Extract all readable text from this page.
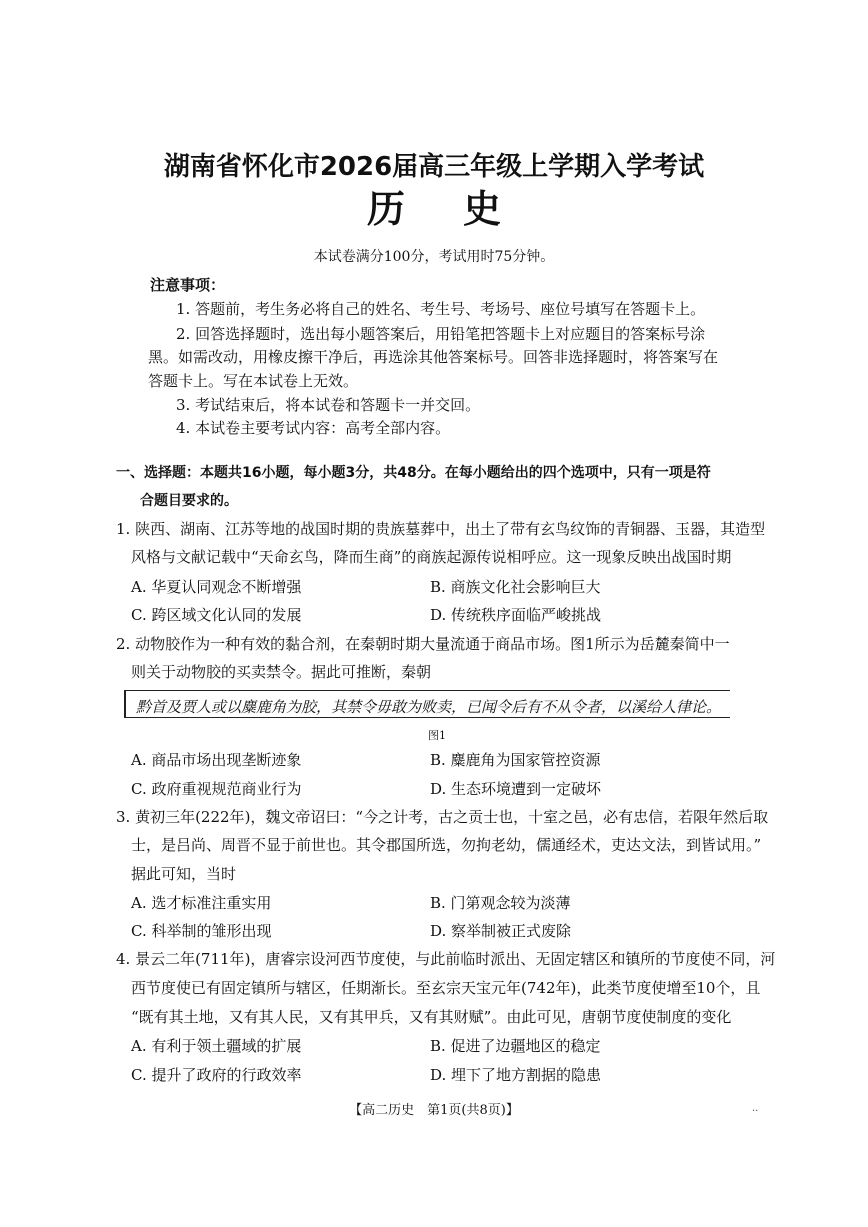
湖南省怀化市2026届高三年级上学期入学考试
历史
本试卷满分100分，考试用时75分钟。
注意事项：
1. 答题前，考生务必将自己的姓名、考生号、考场号、座位号填写在答题卡上。
2. 回答选择题时，选出每小题答案后，用铅笔把答题卡上对应题目的答案标号涂
黑。如需改动，用橡皮擦干净后，再选涂其他答案标号。回答非选择题时，将答案写在
答题卡上。写在本试卷上无效。
3. 考试结束后，将本试卷和答题卡一并交回。
4. 本试卷主要考试内容：高考全部内容。
一、选择题：本题共16小题，每小题3分，共48分。在每小题给出的四个选项中，只有一项是符
合题目要求的。
1. 陕西、湖南、江苏等地的战国时期的贵族墓葬中，出土了带有玄鸟纹饰的青铜器、玉器，其造型
风格与文献记载中“天命玄鸟，降而生商”的商族起源传说相呼应。这一现象反映出战国时期
A. 华夏认同观念不断增强	B. 商族文化社会影响巨大
C. 跨区域文化认同的发展	D. 传统秩序面临严峻挑战
2. 动物胶作为一种有效的黏合剂，在秦朝时期大量流通于商品市场。图1所示为岳麓秦简中一
则关于动物胶的买卖禁令。据此可推断，秦朝
黔首及贾人或以麋鹿角为胶，其禁令毋敢为败卖，已闻令后有不从令者，以溪给人律论。
图1
A. 商品市场出现垄断迹象	B. 麋鹿角为国家管控资源
C. 政府重视规范商业行为	D. 生态环境遭到一定破坏
3. 黄初三年(222年)，魏文帝诏曰：“今之计考，古之贡士也，十室之邑，必有忠信，若限年然后取
士，是吕尚、周晋不显于前世也。其令郡国所选，勿拘老幼，儒通经术，吏达文法，到皆试用。”
据此可知，当时
A. 选才标准注重实用	B. 门第观念较为淡薄
C. 科举制的雏形出现	D. 察举制被正式废除
4. 景云二年(711年)，唐睿宗设河西节度使，与此前临时派出、无固定辖区和镇所的节度使不同，河
西节度使已有固定镇所与辖区，任期渐长。至玄宗天宝元年(742年)，此类节度使增至10个，且
“既有其土地，又有其人民，又有其甲兵，又有其财赋”。由此可见，唐朝节度使制度的变化
A. 有利于领土疆域的扩展	B. 促进了边疆地区的稳定
C. 提升了政府的行政效率	D. 埋下了地方割据的隐患
【高二历史　第1页(共8页)】	..
